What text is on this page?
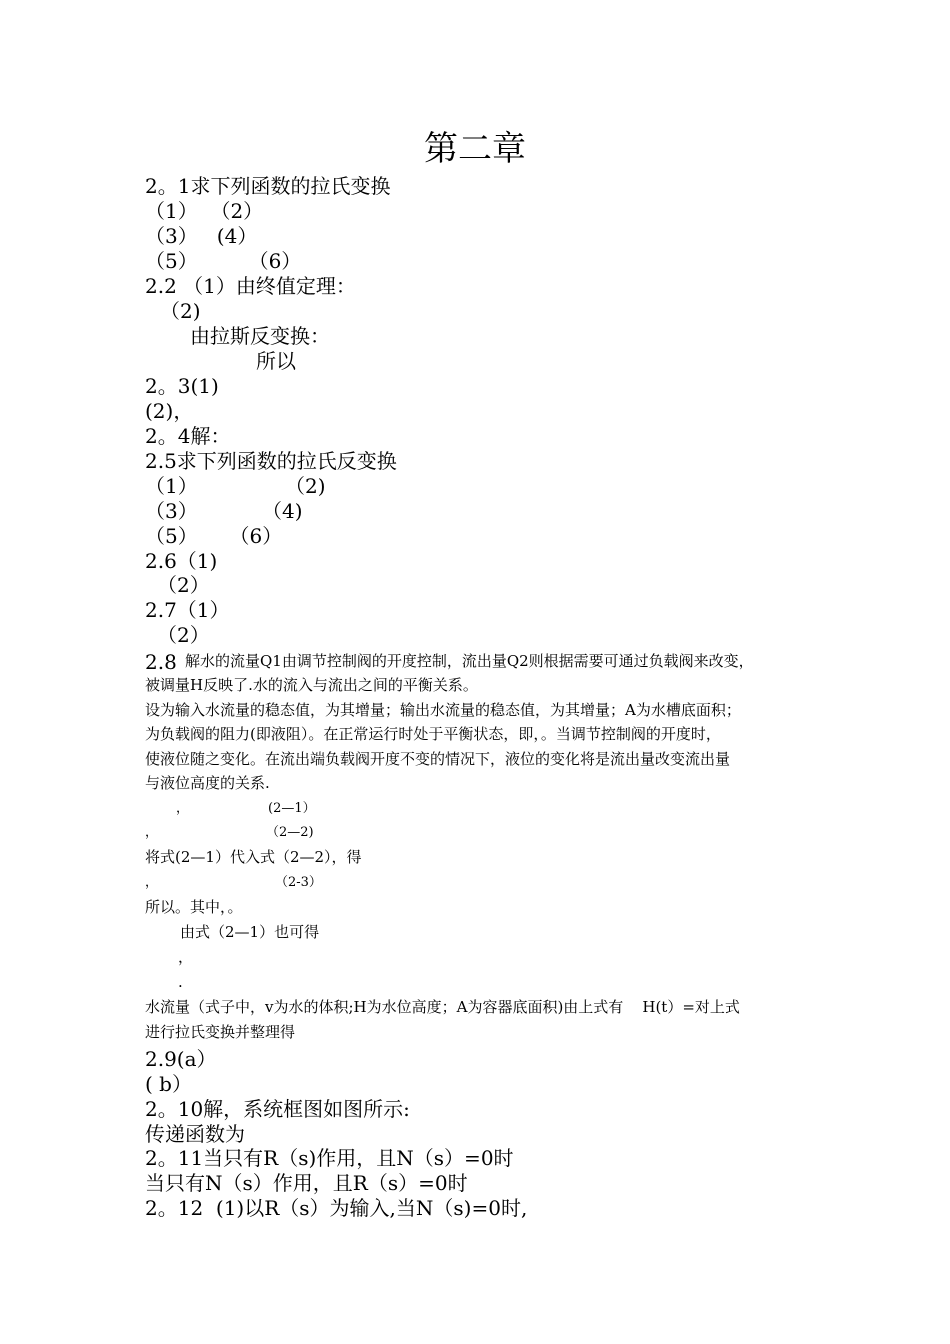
第二章
2。1求下列函数的拉氏变换
（1）  （2）
（3）   (4）
（5）        （6）
2.2 （1）由终值定理：
（2)
由拉斯反变换：
所以
2。3(1)
(2)，
2。4解：
2.5求下列函数的拉氏反变换
（1）	（2)
（3）	（4)
（5）     （6）
2.6（1)
（2）
2.7（1）
（2）
2.8 解水的流量Q1由调节控制阀的开度控制，流出量Q2则根据需要可通过负载阀来改变，
被调量H反映了.水的流入与流出之间的平衡关系。
设为输入水流量的稳态值，为其增量；输出水流量的稳态值，为其增量；A为水槽底面积；
为负载阀的阻力(即液阻）。在正常运行时处于平衡状态，即，。当调节控制阀的开度时，
使液位随之变化。在流出端负载阀开度不变的情况下，液位的变化将是流出量改变流出量
与液位高度的关系.
，	(2—1）
，	（2—2)
将式(2—1）代入式（2—2），得
，	（2-3）
所以。其中，。
由式（2—1）也可得
，
.
水流量（式子中，v为水的体积;H为水位高度；A为容器底面积)由上式有    H(t）=对上式
进行拉氏变换并整理得
2.9(a）
( b）
2。10解，系统框图如图所示:
传递函数为
2。11当只有R（s)作用，且N（s）=0时
当只有N（s）作用，且R（s）=0时
2。12  (1)以R（s）为输入,当N（s)=0时,
